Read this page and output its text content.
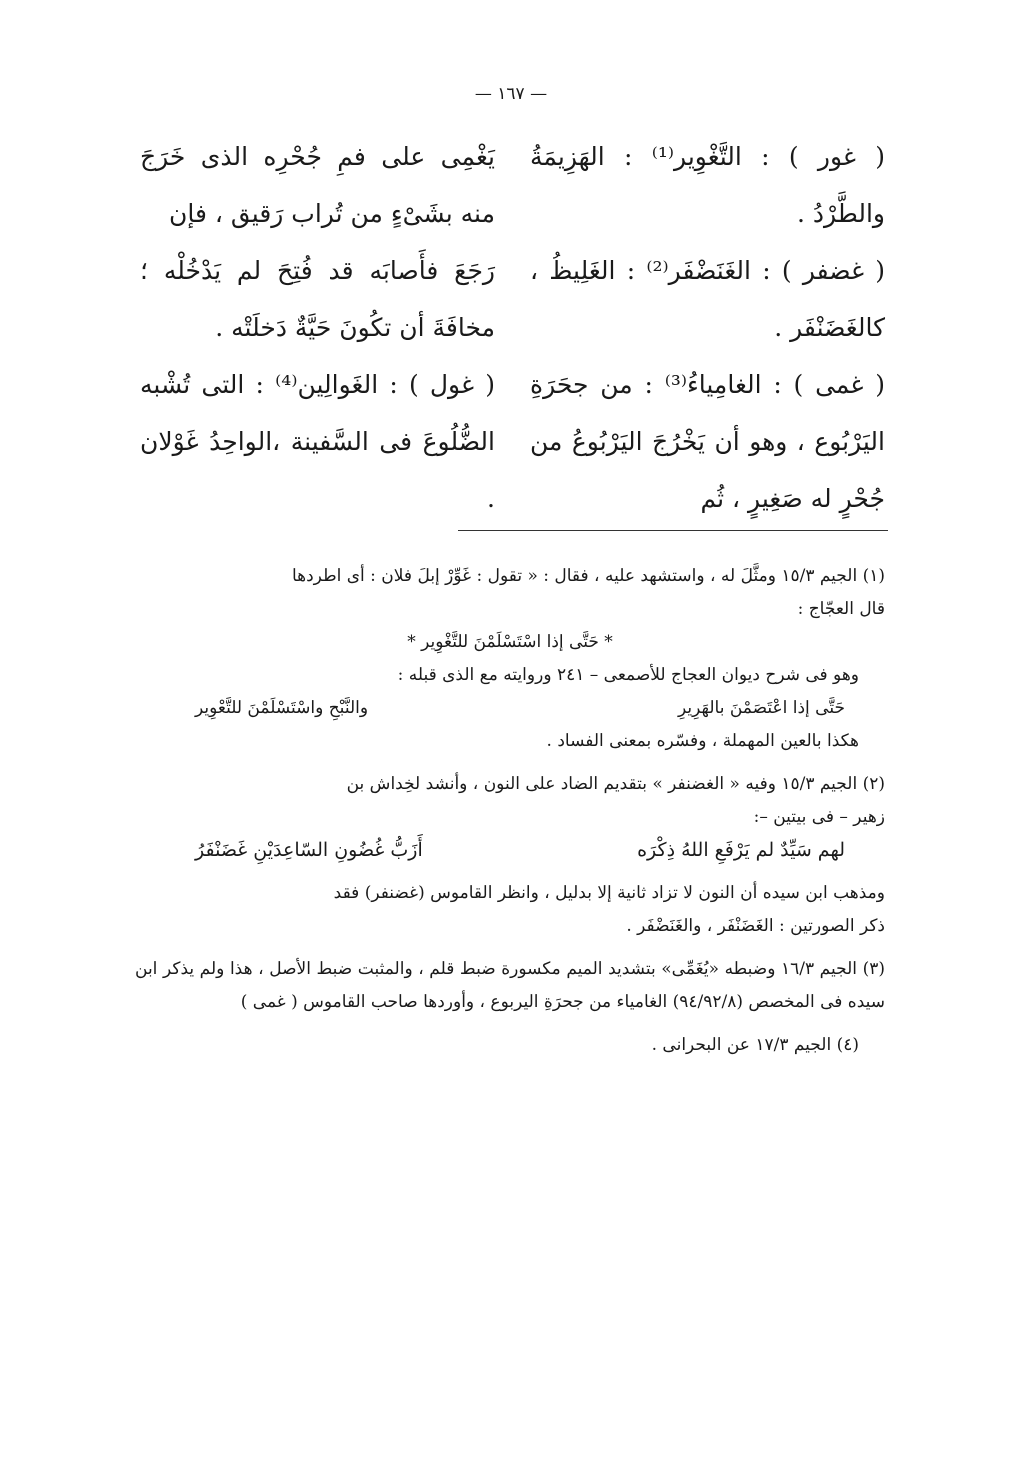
— ١٦٧ —

( غور ) : التَّغْوِير⁽¹⁾ : الهَزِيمَةُ والطَّرْدُ .

( غضفر ) : الغَنَضْفَر⁽²⁾ : الغَلِيظُ ، كالغَضَنْفَر .

( غمى ) : الغامِياءُ⁽³⁾ : من جحَرَةِ اليَرْبُوع ، وهو أن يَخْرُجَ اليَرْبُوعُ من جُحْرٍ له صَغِيرٍ ، ثُم

يَغْمِى على فمِ جُحْرِه الذى خَرَجَ منه بشَىْءٍ من تُراب رَقيق ، فإن

رَجَعَ فأَصابَه قد فُتِحَ لم يَدْخُلْه ؛ مخافَةَ أن تكُونَ حَيَّةٌ دَخلَتْه .

( غول ) : الغَوالِين⁽⁴⁾ : التى تُشْبه الضُّلُوعَ فى السَّفينة ،الواحِدُ غَوْلان .

(١) الجيم ١٥/٣ ومثَّلَ له ، واستشهد عليه ، فقال : « تقول : غَوِّرْ إبلَ فلان : أى اطردها

قال العجّاج :

* حَتَّى إذا اسْتَسْلَمْنَ للتَّغْوِير *

وهو فى شرح ديوان العجاج للأصمعى – ٢٤١ وروايته مع الذى قبله :

حَتَّى إذا اعْتَصَمْنَ بالهَرِيرِ
والنَّبْحِ واسْتَسْلَمْنَ للتَّعْوِير

هكذا بالعين المهملة ، وفسّره بمعنى الفساد .

(٢) الجيم ١٥/٣ وفيه « الغضنفر » بتقديم الضاد على النون ، وأنشد لخِداش بن

زهير – فى بيتين –:

لهم سَيِّدٌ لم يَرْفَعِ اللهُ ذِكْرَه
أَزَبُّ غُضُونِ السّاعِدَيْنِ غَضَنْفَرُ

ومذهب ابن سيده أن النون لا تزاد ثانية إلا بدليل ، وانظر القاموس (غضنفر) فقد

ذكر الصورتين : الغَضَنْفَر ، والغَنَضْفَر .

(٣) الجيم ١٦/٣ وضبطه «يُغَمِّى» بتشديد الميم مكسورة ضبط قلم ، والمثبت ضبط الأصل ، هذا ولم يذكر ابن سيده فى المخصص (٩٤/٩٢/٨) الغامياء من جحرَةِ اليربوع ، وأوردها صاحب القاموس ( غمى )

(٤) الجيم ١٧/٣ عن البحرانى .
